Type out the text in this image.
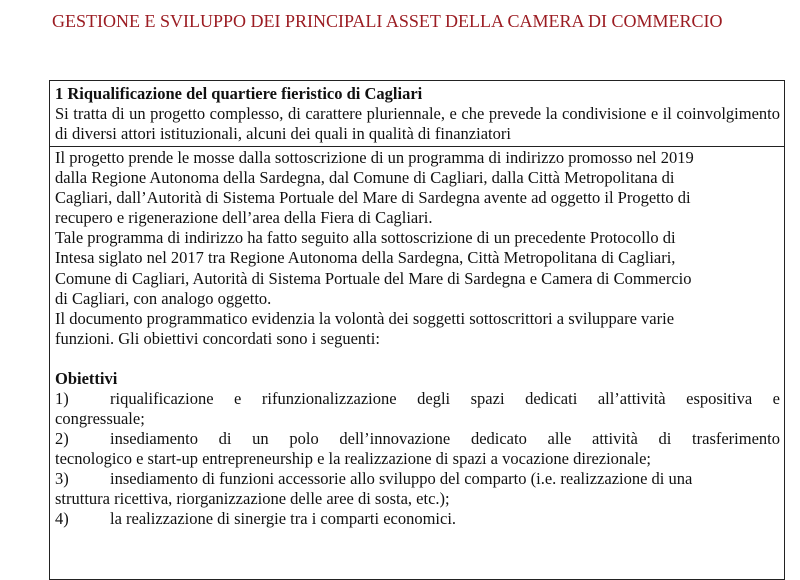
GESTIONE E SVILUPPO DEI PRINCIPALI ASSET DELLA CAMERA DI COMMERCIO

1 Riqualificazione del quartiere fieristico di Cagliari

Si tratta di un progetto complesso, di carattere pluriennale, e che prevede la condivisione e il coinvolgimento di diversi attori istituzionali, alcuni dei quali in qualità di finanziatori

Il progetto prende le mosse dalla sottoscrizione di un programma di indirizzo promosso nel 2019
dalla Regione Autonoma della Sardegna, dal Comune di Cagliari, dalla Città Metropolitana di
Cagliari, dall’Autorità di Sistema Portuale del Mare di Sardegna avente ad oggetto il Progetto di
recupero e rigenerazione dell’area della Fiera di Cagliari.

Tale programma di indirizzo ha fatto seguito alla sottoscrizione di un precedente Protocollo di
Intesa siglato nel 2017 tra Regione Autonoma della Sardegna, Città Metropolitana di Cagliari,
Comune di Cagliari, Autorità di Sistema Portuale del Mare di Sardegna e Camera di Commercio
di Cagliari, con analogo oggetto.

Il documento programmatico evidenzia la volontà dei soggetti sottoscrittori a sviluppare varie
funzioni. Gli obiettivi concordati sono i seguenti:

Obiettivi

1)	riqualificazione e rifunzionalizzazione degli spazi dedicati all’attività espositiva e
congressuale;
2)	insediamento di un polo dell’innovazione dedicato alle attività di trasferimento
tecnologico e start-up entrepreneurship e la realizzazione di spazi a vocazione direzionale;
3)	insediamento di funzioni accessorie allo sviluppo del comparto (i.e. realizzazione di una
struttura ricettiva, riorganizzazione delle aree di sosta, etc.);
4)	la realizzazione di sinergie tra i comparti economici.
